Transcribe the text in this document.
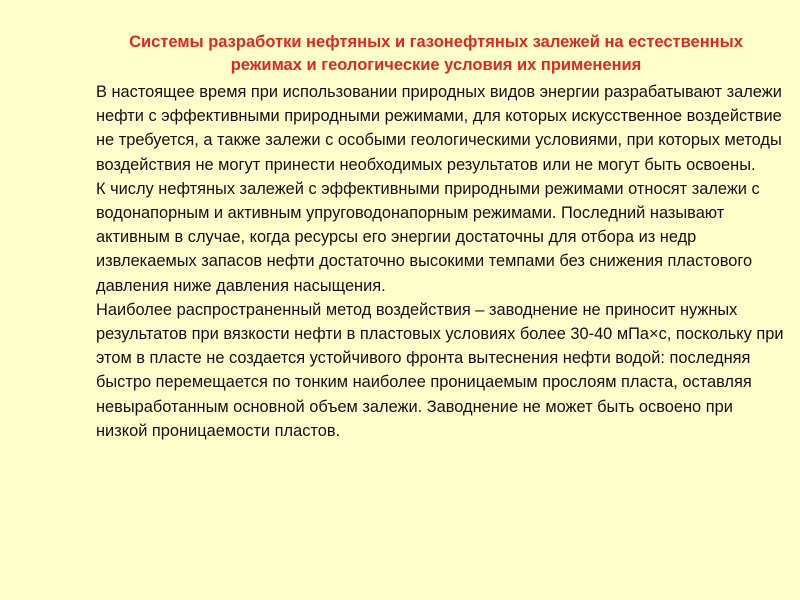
Системы разработки нефтяных и газонефтяных залежей на естественных режимах и геологические условия их применения

В настоящее время при использовании природных видов энергии разрабатывают залежи нефти с эффективными природными режимами, для которых искусственное воздействие не требуется, а также залежи с особыми геологическими условиями, при которых методы воздействия не могут принести необходимых результатов или не могут быть освоены.

К числу нефтяных залежей с эффективными природными режимами относят залежи с водонапорным и активным упруговодонапорным режимами. Последний называют активным в случае, когда ресурсы его энергии достаточны для отбора из недр извлекаемых запасов нефти достаточно высокими темпами без снижения пластового давления ниже давления насыщения.

Наиболее распространенный метод воздействия – заводнение не приносит нужных результатов при вязкости нефти в пластовых условиях более 30-40 мПа×с, поскольку при этом в пласте не создается устойчивого фронта вытеснения нефти водой: последняя быстро перемещается по тонким наиболее проницаемым прослоям пласта, оставляя невыработанным основной объем залежи. Заводнение не может быть освоено при низкой проницаемости пластов.
